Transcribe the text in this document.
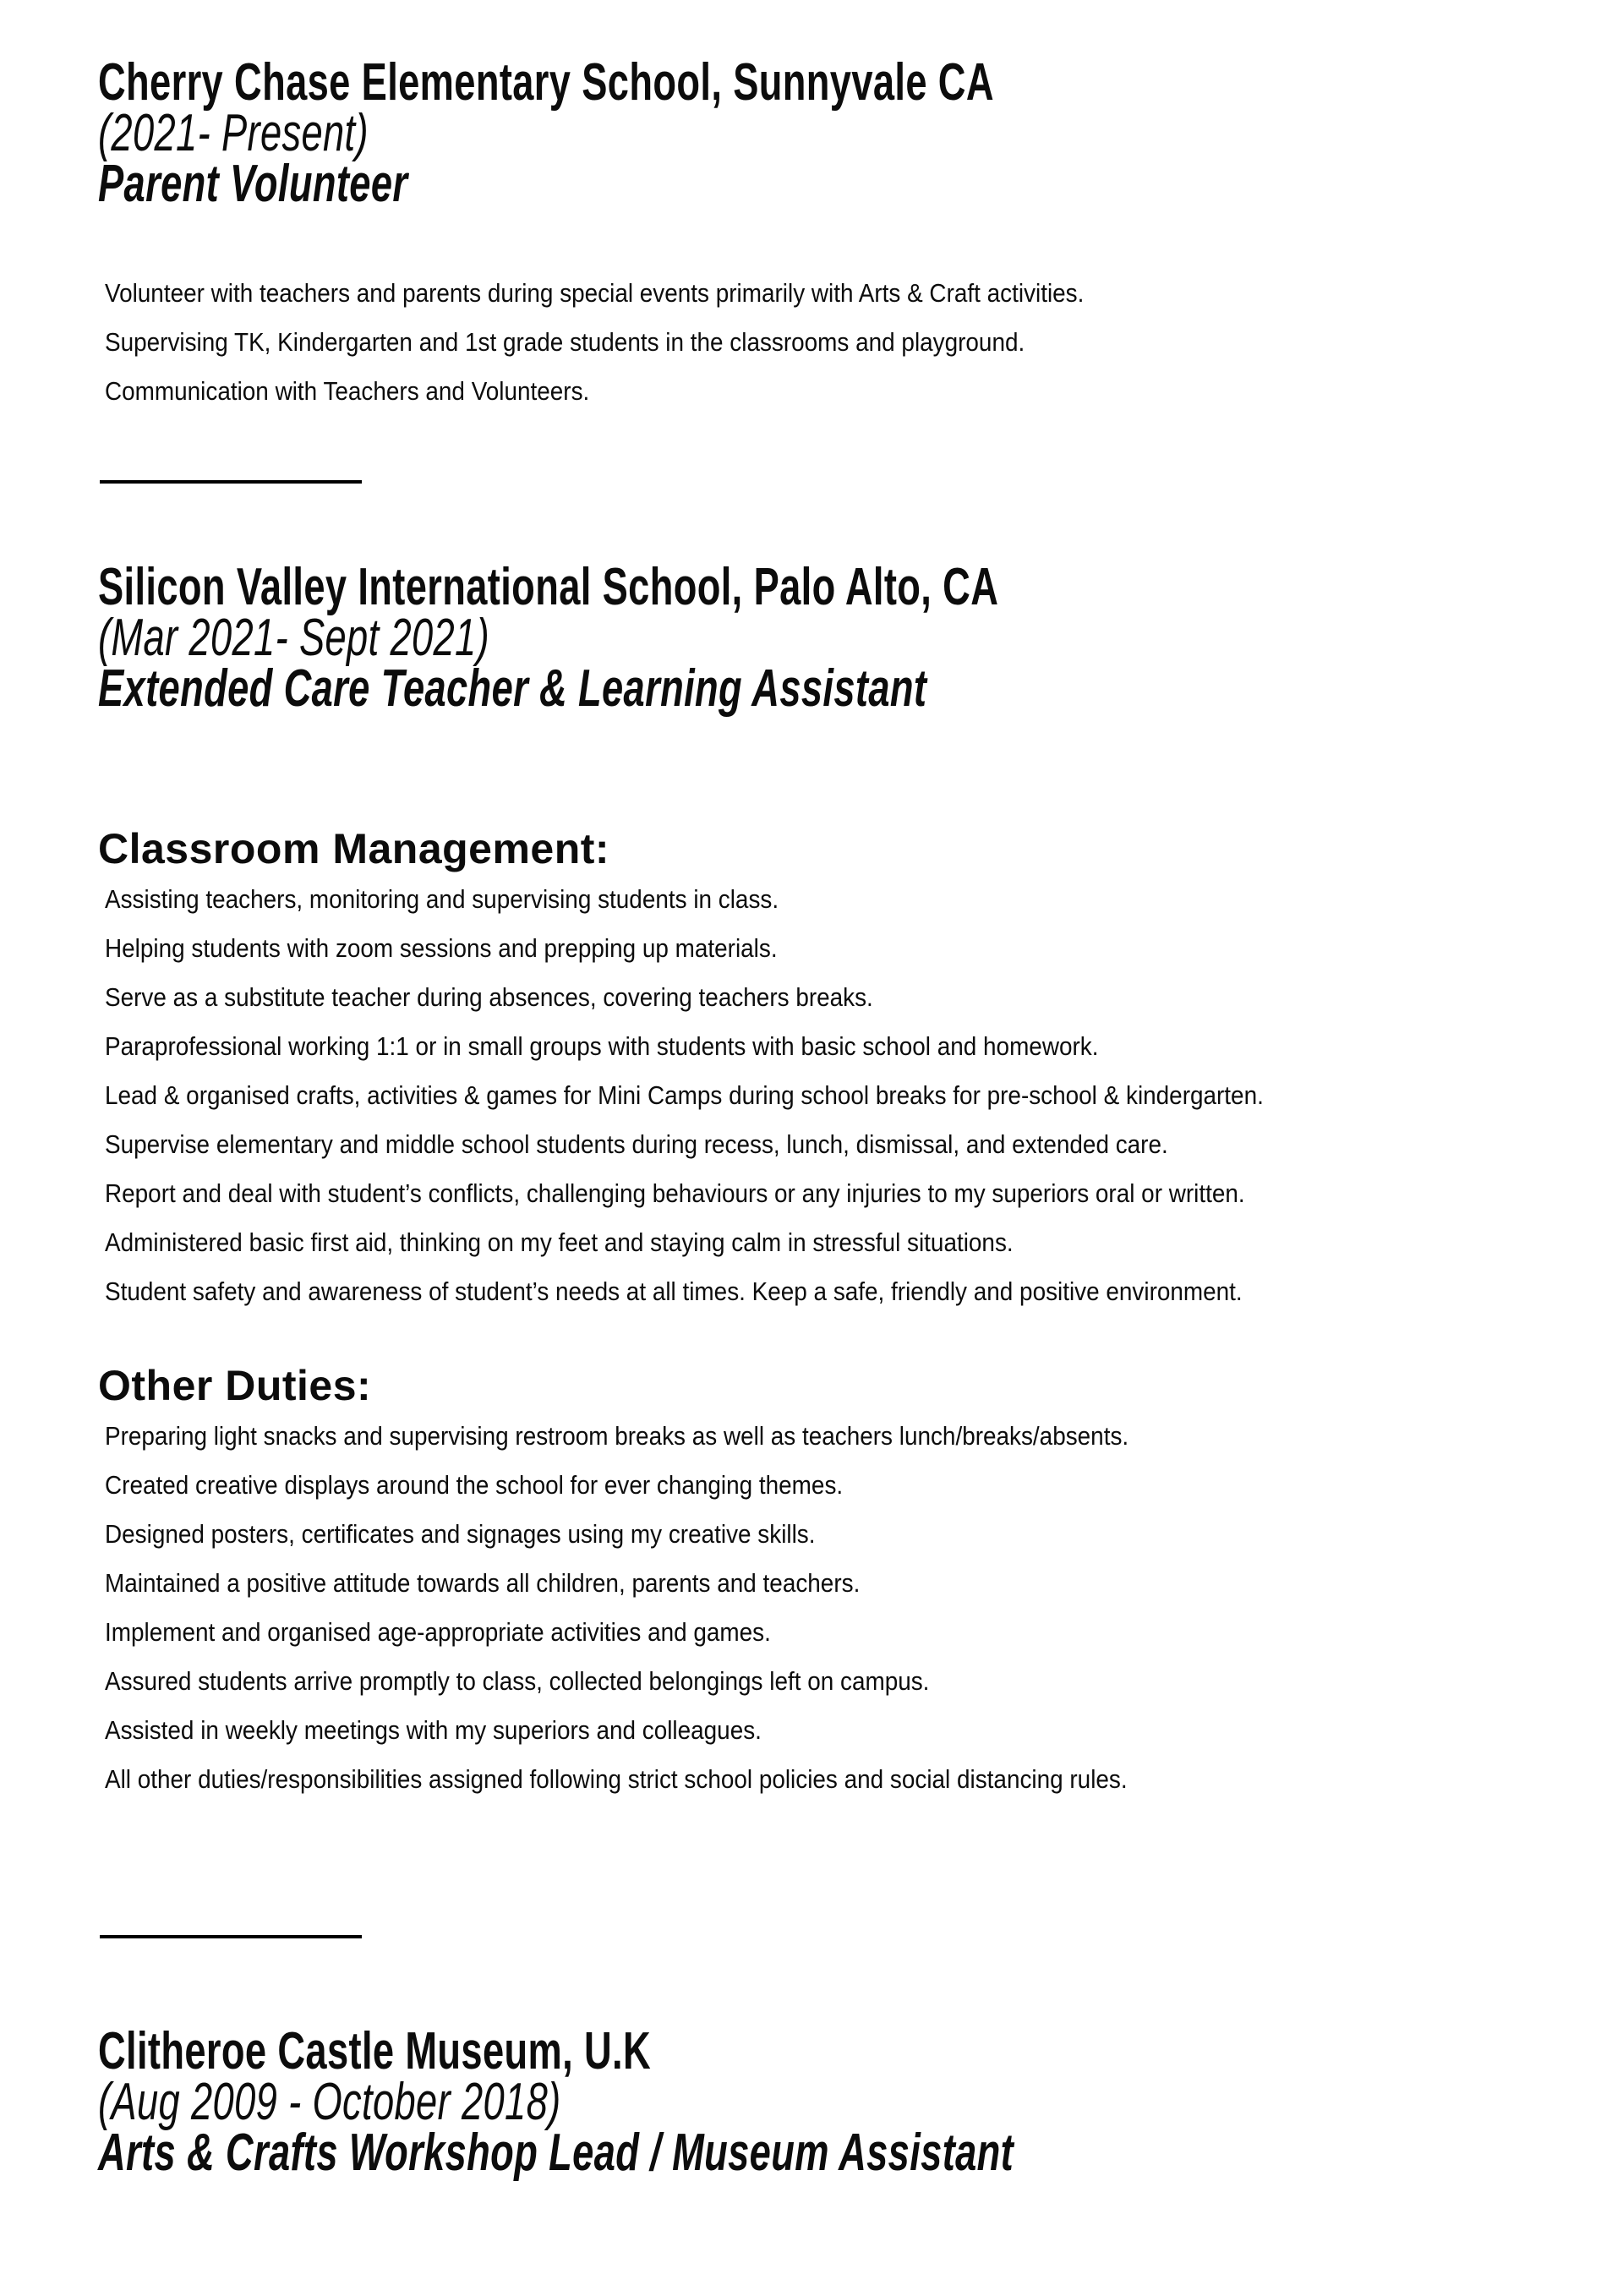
Cherry Chase Elementary School, Sunnyvale CA
(2021- Present)
Parent Volunteer
Volunteer with teachers and parents during special events primarily with Arts & Craft activities.
Supervising TK, Kindergarten and 1st grade students in the classrooms and playground.
Communication with Teachers and Volunteers.
Silicon Valley International School, Palo Alto, CA
(Mar 2021- Sept 2021)
Extended Care Teacher & Learning Assistant
Classroom Management:
Assisting teachers, monitoring and supervising students in class.
Helping students with zoom sessions and prepping up materials.
Serve as a substitute teacher during absences, covering teachers breaks.
Paraprofessional working 1:1 or in small groups with students with basic school and homework.
Lead & organised crafts, activities & games for Mini Camps during school breaks for pre-school & kindergarten.
Supervise elementary and middle school students during recess, lunch, dismissal, and extended care.
Report and deal with student’s conflicts, challenging behaviours or any injuries to my superiors oral or written.
Administered basic first aid, thinking on my feet and staying calm in stressful situations.
Student safety and awareness of student’s needs at all times. Keep a safe, friendly and positive environment.
Other Duties:
Preparing light snacks and supervising restroom breaks as well as teachers lunch/breaks/absents.
Created creative displays around the school for ever changing themes.
Designed posters, certificates and signages using my creative skills.
Maintained a positive attitude towards all children, parents and teachers.
Implement and organised age-appropriate activities and games.
Assured students arrive promptly to class, collected belongings left on campus.
Assisted in weekly meetings with my superiors and colleagues.
All other duties/responsibilities assigned following strict school policies and social distancing rules.
Clitheroe Castle Museum, U.K
(Aug 2009 - October 2018)
Arts & Crafts Workshop Lead / Museum Assistant
